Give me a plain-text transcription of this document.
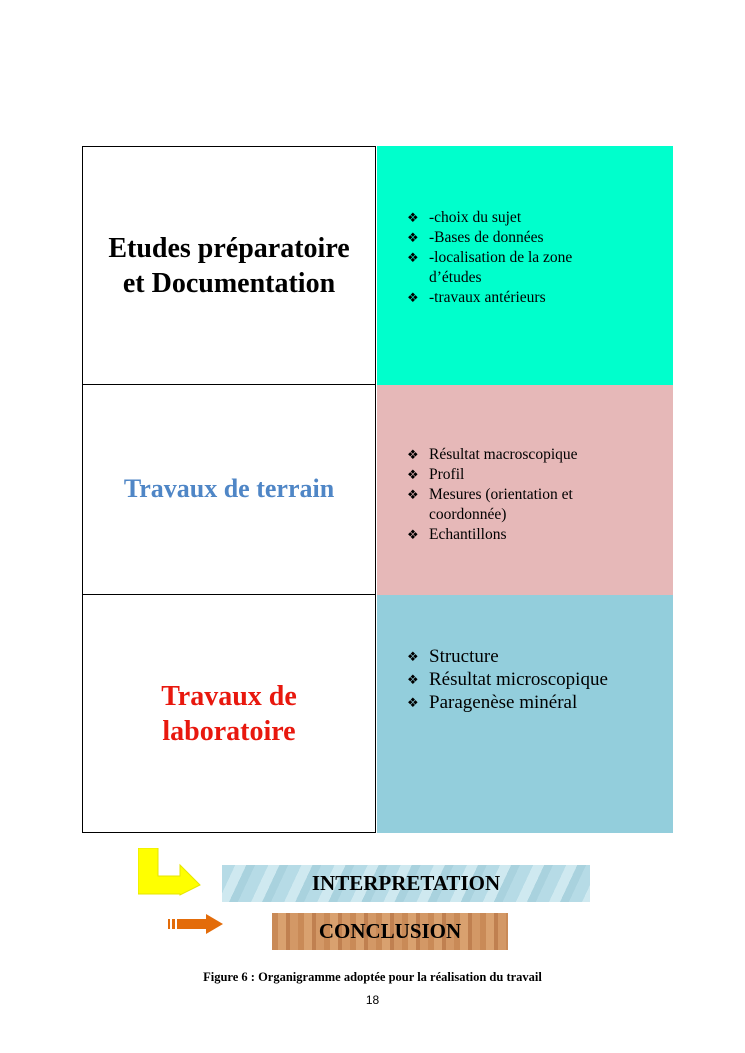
Etudes préparatoire et Documentation
❖ -choix du sujet
❖ -Bases de données
❖ -localisation de la zone d’études
❖ -travaux antérieurs
Travaux de terrain
❖ Résultat macroscopique
❖ Profil
❖ Mesures (orientation et coordonnée)
❖ Echantillons
Travaux de laboratoire
❖ Structure
❖ Résultat microscopique
❖ Paragenèse minéral
INTERPRETATION
CONCLUSION
Figure 6 : Organigramme adoptée pour la réalisation du travail
18
